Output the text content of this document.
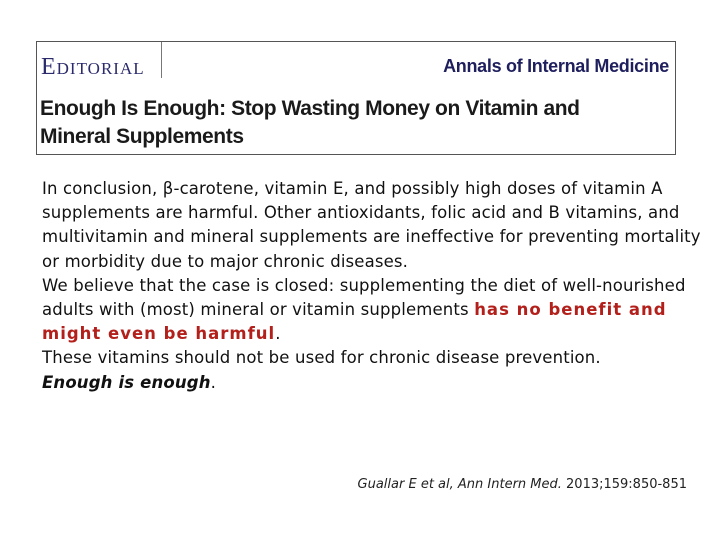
Editorial	Annals of Internal Medicine
Enough Is Enough: Stop Wasting Money on Vitamin and
Mineral Supplements

In conclusion, β-carotene, vitamin E, and possibly high doses of vitamin A supplements are harmful. Other antioxidants, folic acid and B vitamins, and multivitamin and mineral supplements are ineffective for preventing mortality or morbidity due to major chronic diseases.

We believe that the case is closed: supplementing the diet of well-nourished adults with (most) mineral or vitamin supplements has no benefit and might even be harmful.

These vitamins should not be used for chronic disease prevention.

Enough is enough.

Guallar E et al, Ann Intern Med. 2013;159:850-851
